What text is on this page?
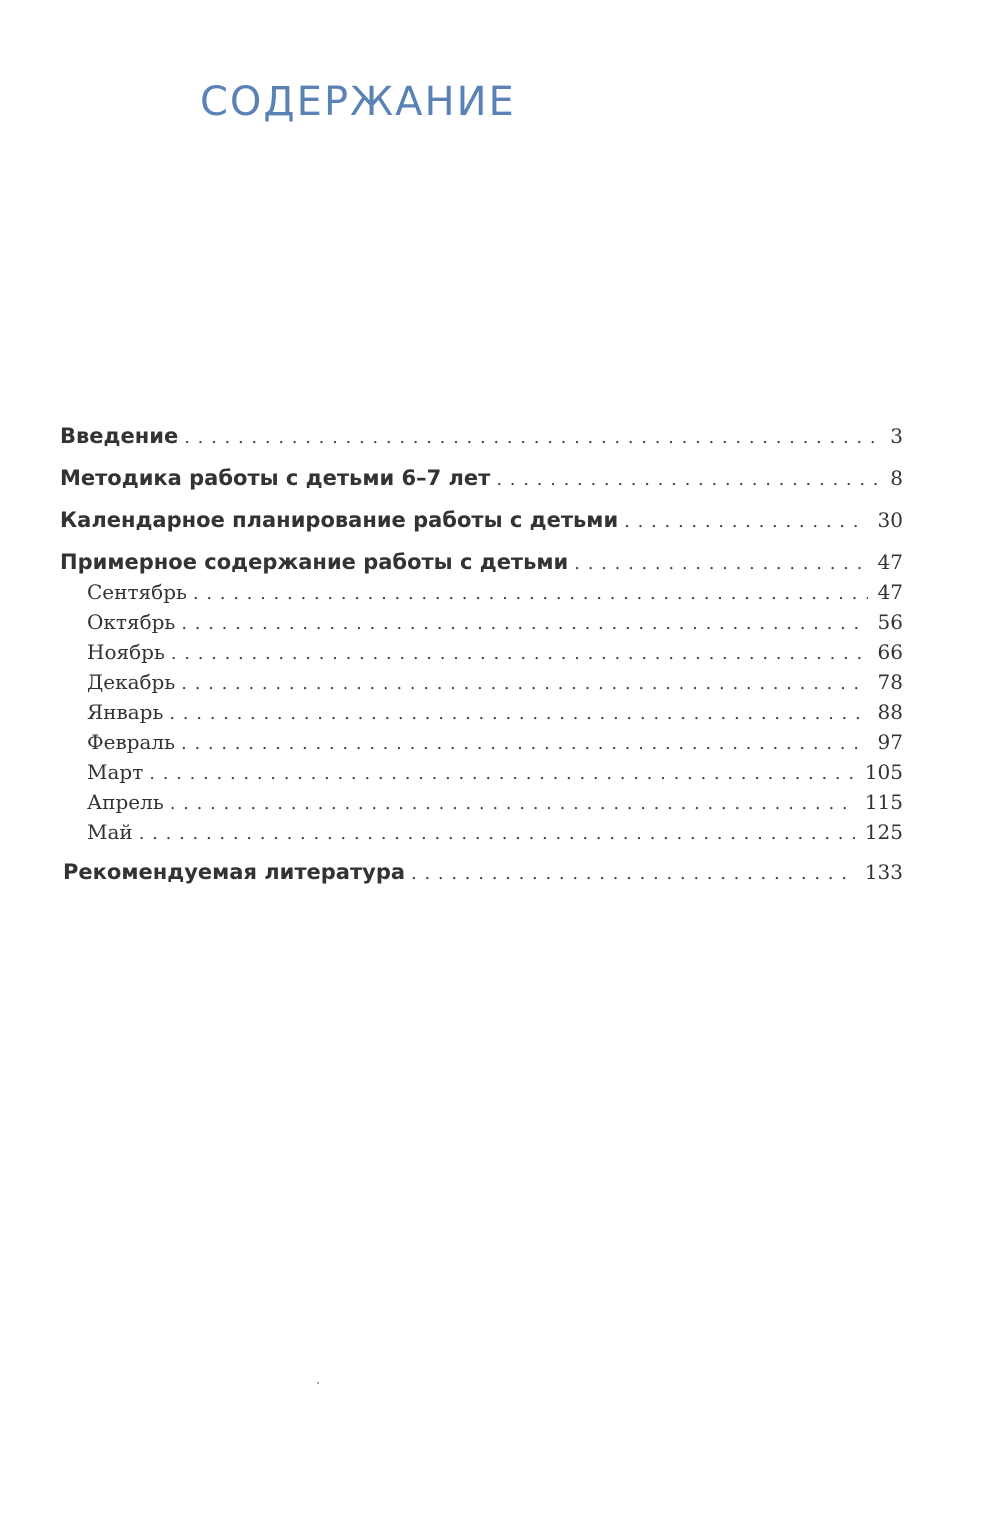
СОДЕРЖАНИЕ
Введение . . .	3
Методика работы с детьми 6–7 лет . . .	8
Календарное планирование работы с детьми . . .	30
Примерное содержание работы с детьми . . .	47
Сентябрь . . .	47
Октябрь . . .	56
Ноябрь . . .	66
Декабрь . . .	78
Январь . . .	88
Февраль . . .	97
Март . . .	105
Апрель . . .	115
Май . . .	125
Рекомендуемая литература . . .	133
